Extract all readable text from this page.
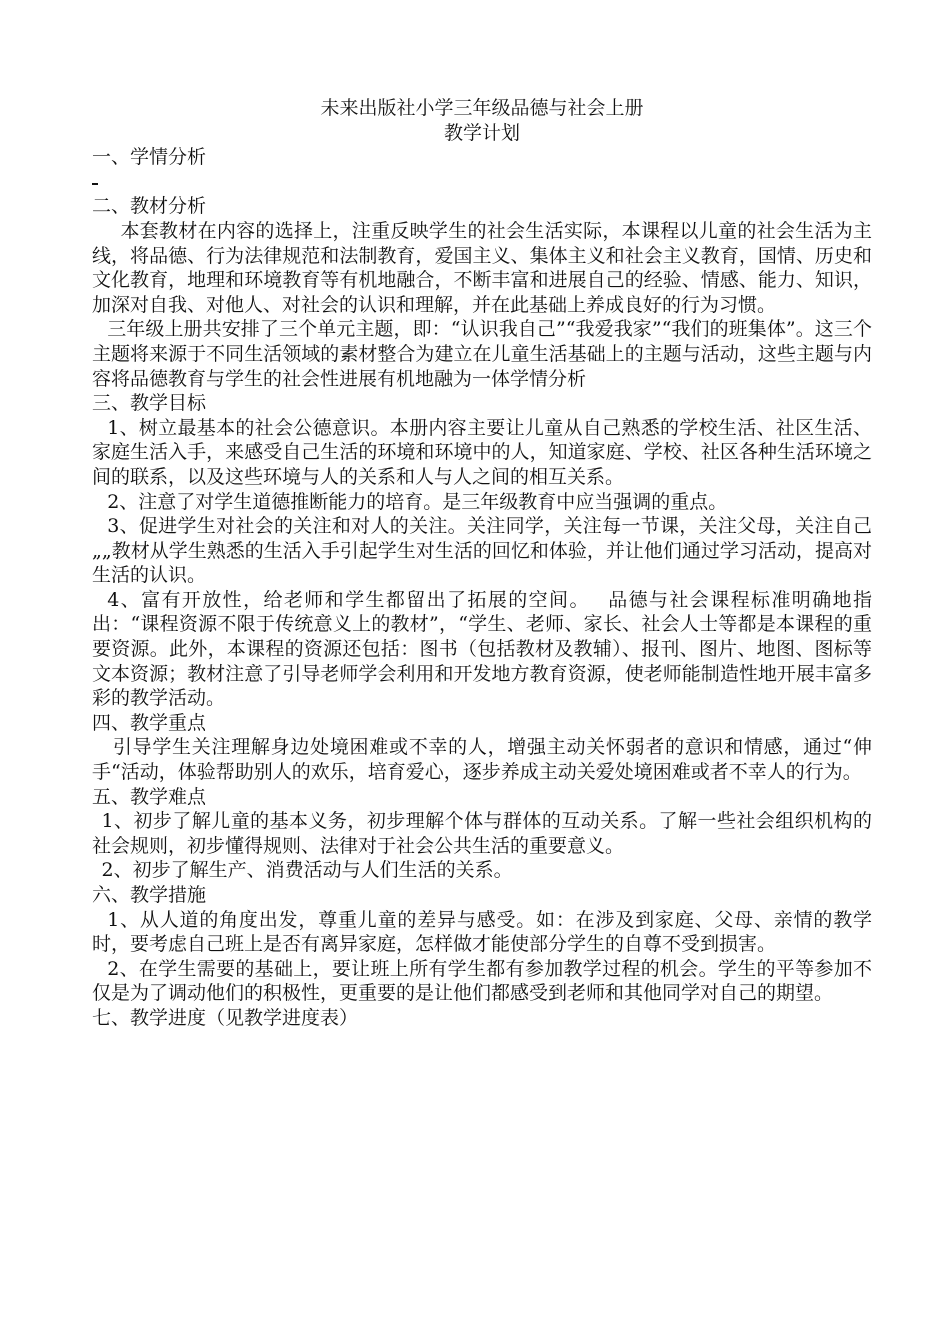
未来出版社小学三年级品德与社会上册

教学计划

一、学情分析

二、教材分析

本套教材在内容的选择上，注重反映学生的社会生活实际，本课程以儿童的社会生活为主线，将品德、行为法律规范和法制教育，爱国主义、集体主义和社会主义教育，国情、历史和文化教育，地理和环境教育等有机地融合，不断丰富和进展自己的经验、情感、能力、知识，加深对自我、对他人、对社会的认识和理解，并在此基础上养成良好的行为习惯。

三年级上册共安排了三个单元主题，即：“认识我自己”“我爱我家”“我们的班集体”。这三个主题将来源于不同生活领域的素材整合为建立在儿童生活基础上的主题与活动，这些主题与内容将品德教育与学生的社会性进展有机地融为一体学情分析

三、教学目标

1、树立最基本的社会公德意识。本册内容主要让儿童从自己熟悉的学校生活、社区生活、家庭生活入手，来感受自己生活的环境和环境中的人，知道家庭、学校、社区各种生活环境之间的联系，以及这些环境与人的关系和人与人之间的相互关系。

2、注意了对学生道德推断能力的培育。是三年级教育中应当强调的重点。

3、促进学生对社会的关注和对人的关注。关注同学，关注每一节课，关注父母，关注自己„„教材从学生熟悉的生活入手引起学生对生活的回忆和体验，并让他们通过学习活动，提高对生活的认识。

4、富有开放性，给老师和学生都留出了拓展的空间。　 品德与社会课程标准明确地指出：“课程资源不限于传统意义上的教材”，“学生、老师、家长、社会人士等都是本课程的重要资源。此外，本课程的资源还包括：图书（包括教材及教辅）、报刊、图片、地图、图标等文本资源；教材注意了引导老师学会利用和开发地方教育资源，使老师能制造性地开展丰富多彩的教学活动。

四、教学重点

引导学生关注理解身边处境困难或不幸的人，增强主动关怀弱者的意识和情感，通过“伸手“活动，体验帮助别人的欢乐，培育爱心，逐步养成主动关爱处境困难或者不幸人的行为。

五、教学难点

1、初步了解儿童的基本义务，初步理解个体与群体的互动关系。了解一些社会组织机构的社会规则，初步懂得规则、法律对于社会公共生活的重要意义。

2、初步了解生产、消费活动与人们生活的关系。

六、教学措施

1、从人道的角度出发，尊重儿童的差异与感受。如：在涉及到家庭、父母、亲情的教学时，要考虑自己班上是否有离异家庭，怎样做才能使部分学生的自尊不受到损害。

2、在学生需要的基础上，要让班上所有学生都有参加教学过程的机会。学生的平等参加不仅是为了调动他们的积极性，更重要的是让他们都感受到老师和其他同学对自己的期望。

七、教学进度（见教学进度表）
